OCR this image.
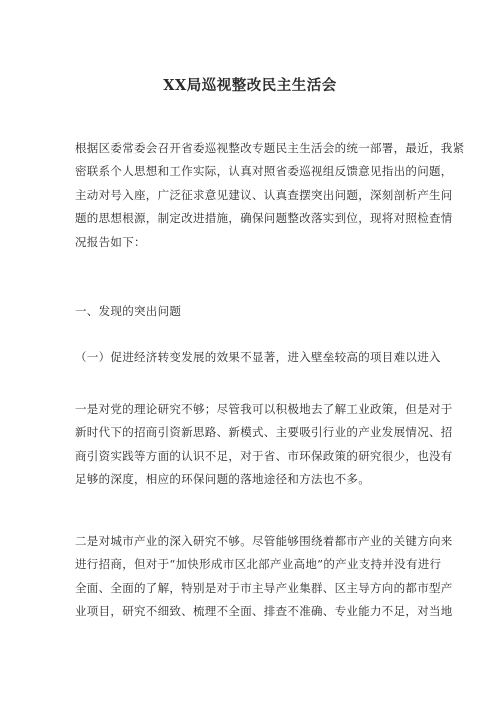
XX局巡视整改民主生活会
根据区委常委会召开省委巡视整改专题民主生活会的统一部署，最近，我紧
密联系个人思想和工作实际，认真对照省委巡视组反馈意见指出的问题，
主动对号入座，广泛征求意见建议、认真查摆突出问题，深刻剖析产生问
题的思想根源，制定改进措施，确保问题整改落实到位，现将对照检查情
况报告如下：
一、发现的突出问题
（一）促进经济转变发展的效果不显著，进入壁垒较高的项目难以进入
一是对党的理论研究不够；尽管我可以积极地去了解工业政策，但是对于
新时代下的招商引资新思路、新模式、主要吸引行业的产业发展情况、招
商引资实践等方面的认识不足，对于省、市环保政策的研究很少，也没有
足够的深度，相应的环保问题的落地途径和方法也不多。
二是对城市产业的深入研究不够。尽管能够围绕着都市产业的关键方向来
进行招商，但对于“加快形成市区北部产业高地”的产业支持并没有进行
全面、全面的了解，特别是对于市主导产业集群、区主导方向的都市型产
业项目，研究不细致、梳理不全面、排查不准确、专业能力不足，对当地
